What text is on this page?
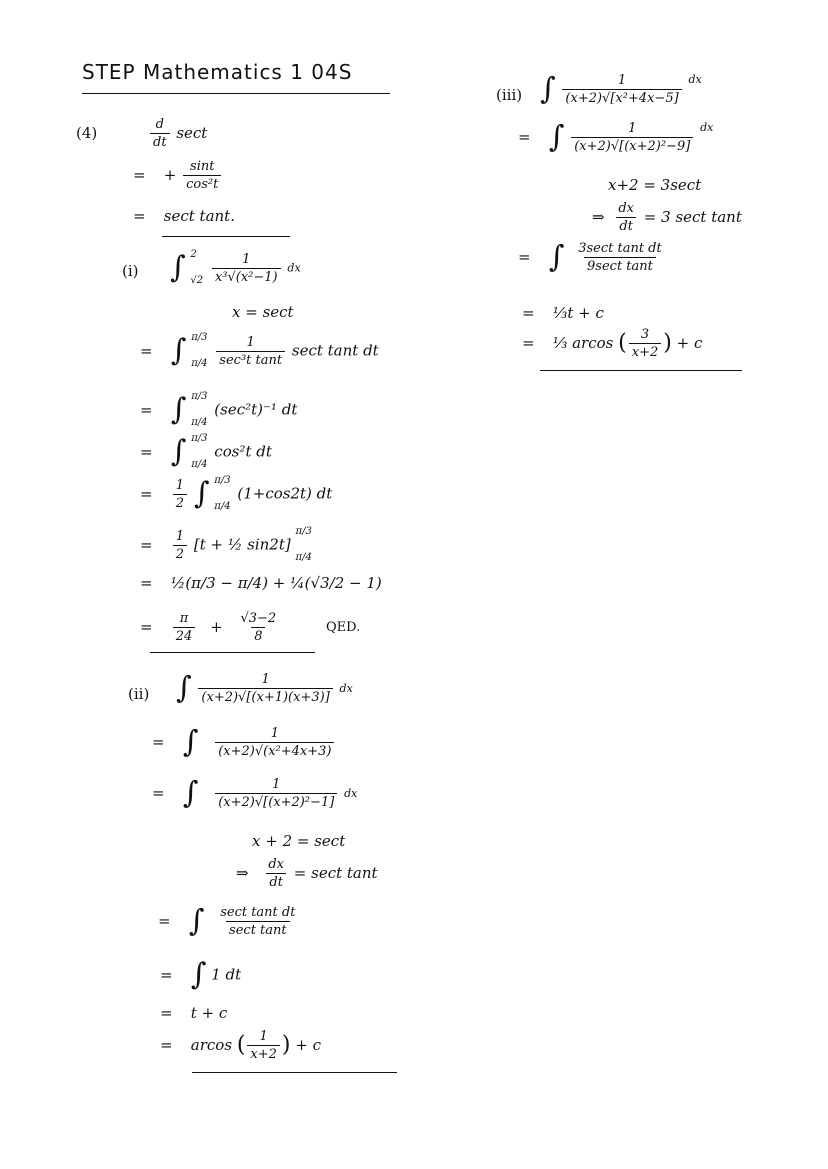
STEP Mathematics 1 04S
(4)	$\frac{d}{dt}$ sect
= + $\frac{\sin t}{\text{cos²t}}$
= sect tant.
(i) ∫ 2
√2
$\frac{1}{\text{x³√(x²−1)}}$ dx
x = sect
= ∫ π/3
π/4
$\frac{1}{\text{sec³t tant}}$ sect tant dt
= ∫ π/3
π/4
(sec²t)⁻¹ dt
= ∫ π/3
π/4
cos²t dt
= $\frac{1}{2}$ ∫ π/3
π/4
(1+cos2t) dt
= $\frac{1}{2} [t$ + ½ sin2t]
π/3
π/4
= ½(π/3 − π/4) + ¼(√3/2 − 1)
= $\frac{\pi}{24} + \frac{√3-2}{8}$	QED.
(ii) ∫ $\frac{1}{(x+2)√[(x+1)(x+3)]}$ dx
= ∫ $\frac{1}{\text{(x+2)√(x²+4x+3)}}$
= ∫ $\frac{1}{\text{(x+2)√[(x+2)²−1]}}$ dx
x + 2 = sect
⇒ $\frac{dx}{dt} = \sec t$ tant
= ∫ $\frac{\text{sect tant dt}}{\text{sect tant}}$
= ∫ 1 dt
= t + c
= arcos ( $\frac{1}{x+2}$ ) + c
(iii) ∫ $\frac{1}{\text{(x+2)√[x²+4x−5]}} ^{dx}$
= ∫ $\frac{1}{\text{(x+2)√[(x+2)²−9]}} ^{dx}$
x+2 = 3sect
⇒ $\frac{dx}{dt} = 3$ sect tant
= ∫ $\frac{\text{3sect tant dt}}{\text{9sect tant}}$
= ⅓t + c
= ⅓ arcos ( $\frac{3}{x+2}$ ) + c
